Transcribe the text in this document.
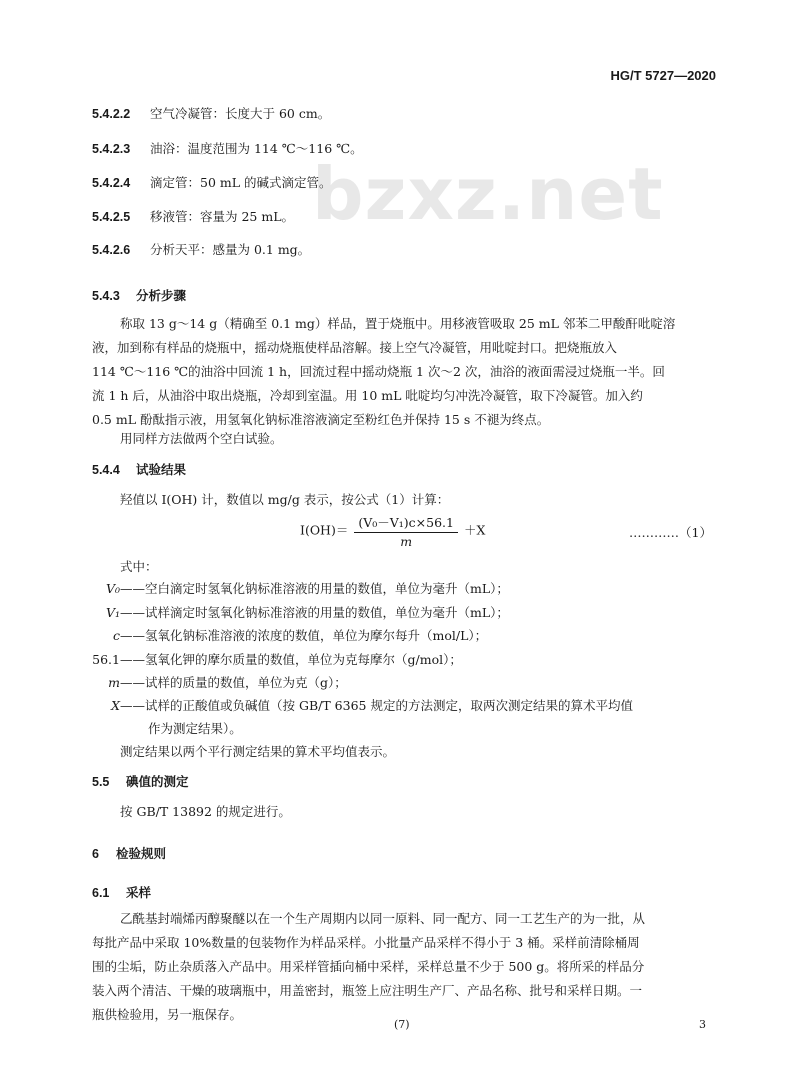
HG/T 5727—2020
bzxz.net
5.4.2.2 空气冷凝管：长度大于 60 cm。
5.4.2.3 油浴：温度范围为 114 ℃～116 ℃。
5.4.2.4 滴定管：50 mL 的碱式滴定管。
5.4.2.5 移液管：容量为 25 mL。
5.4.2.6 分析天平：感量为 0.1 mg。
5.4.3 分析步骤
称取 13 g～14 g（精确至 0.1 mg）样品，置于烧瓶中。用移液管吸取 25 mL 邻苯二甲酸酐吡啶溶
液，加到称有样品的烧瓶中，摇动烧瓶使样品溶解。接上空气冷凝管，用吡啶封口。把烧瓶放入
114 ℃～116 ℃的油浴中回流 1 h，回流过程中摇动烧瓶 1 次～2 次，油浴的液面需浸过烧瓶一半。回
流 1 h 后，从油浴中取出烧瓶，冷却到室温。用 10 mL 吡啶均匀冲洗冷凝管，取下冷凝管。加入约
0.5 mL 酚酞指示液，用氢氧化钠标准溶液滴定至粉红色并保持 15 s 不褪为终点。
用同样方法做两个空白试验。
5.4.4 试验结果
羟值以 I(OH) 计，数值以 mg/g 表示，按公式（1）计算：
$I(OH)= \frac{\text{(V₀－V₁)c×56.1}}{m} +X$	…………（1）
式中：
V₀——空白滴定时氢氧化钠标准溶液的用量的数值，单位为毫升（mL）；
V₁——试样滴定时氢氧化钠标准溶液的用量的数值，单位为毫升（mL）；
c——氢氧化钠标准溶液的浓度的数值，单位为摩尔每升（mol/L）；
56.1——氢氧化钾的摩尔质量的数值，单位为克每摩尔（g/mol）；
m——试样的质量的数值，单位为克（g）；
X——试样的正酸值或负碱值（按 GB/T 6365 规定的方法测定，取两次测定结果的算术平均值
作为测定结果）。
测定结果以两个平行测定结果的算术平均值表示。
5.5 碘值的测定
按 GB/T 13892 的规定进行。
6 检验规则
6.1 采样
乙酰基封端烯丙醇聚醚以在一个生产周期内以同一原料、同一配方、同一工艺生产的为一批，从
每批产品中采取 10%数量的包装物作为样品采样。小批量产品采样不得小于 3 桶。采样前清除桶周
围的尘垢，防止杂质落入产品中。用采样管插向桶中采样，采样总量不少于 500 g。将所采的样品分
装入两个清洁、干燥的玻璃瓶中，用盖密封，瓶签上应注明生产厂、产品名称、批号和采样日期。一
瓶供检验用，另一瓶保存。
(7)	3
